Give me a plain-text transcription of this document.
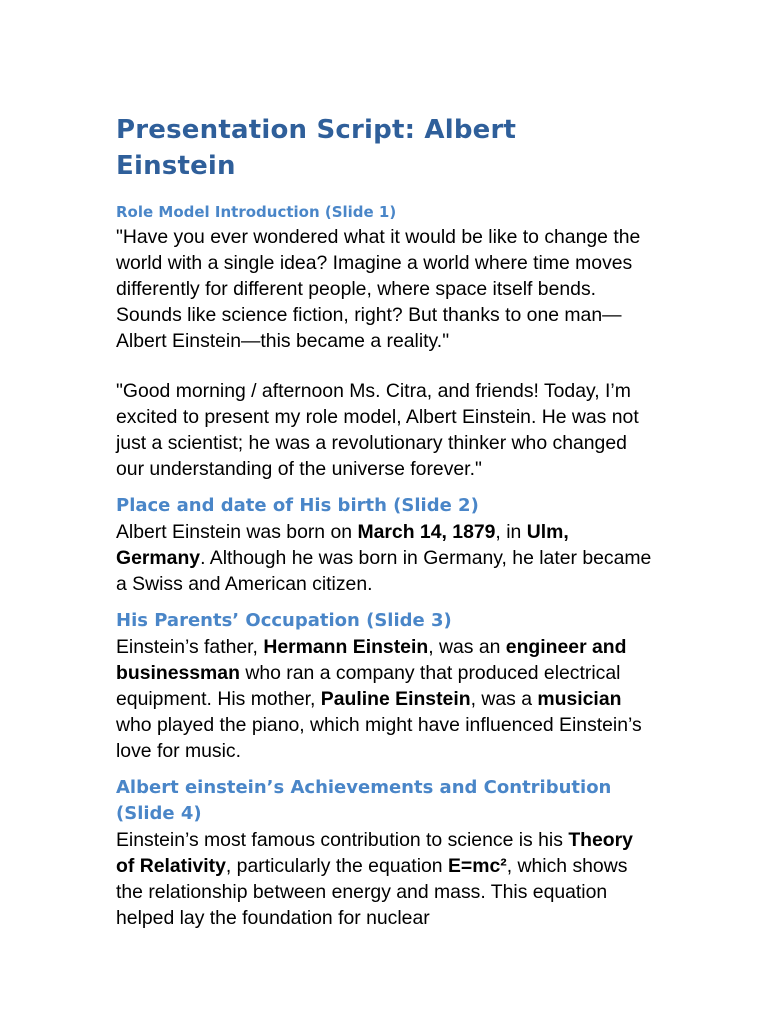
Presentation Script: Albert
Einstein
Role Model Introduction (Slide 1)

"Have you ever wondered what it would be like to change the world with a single idea? Imagine a world where time moves differently for different people, where space itself bends. Sounds like science fiction, right? But thanks to one man—Albert Einstein—this became a reality."

"Good morning / afternoon Ms. Citra, and friends! Today, I’m excited to present my role model, Albert Einstein. He was not just a scientist; he was a revolutionary thinker who changed our understanding of the universe forever."

Place and date of His birth (Slide 2)

Albert Einstein was born on March 14, 1879, in Ulm, Germany. Although he was born in Germany, he later became a Swiss and American citizen.

His Parents’ Occupation (Slide 3)

Einstein’s father, Hermann Einstein, was an engineer and businessman who ran a company that produced electrical equipment. His mother, Pauline Einstein, was a musician who played the piano, which might have influenced Einstein’s love for music.

Albert einstein’s Achievements and Contribution (Slide 4)

Einstein’s most famous contribution to science is his Theory of Relativity, particularly the equation E=mc², which shows the relationship between energy and mass. This equation helped lay the foundation for nuclear
